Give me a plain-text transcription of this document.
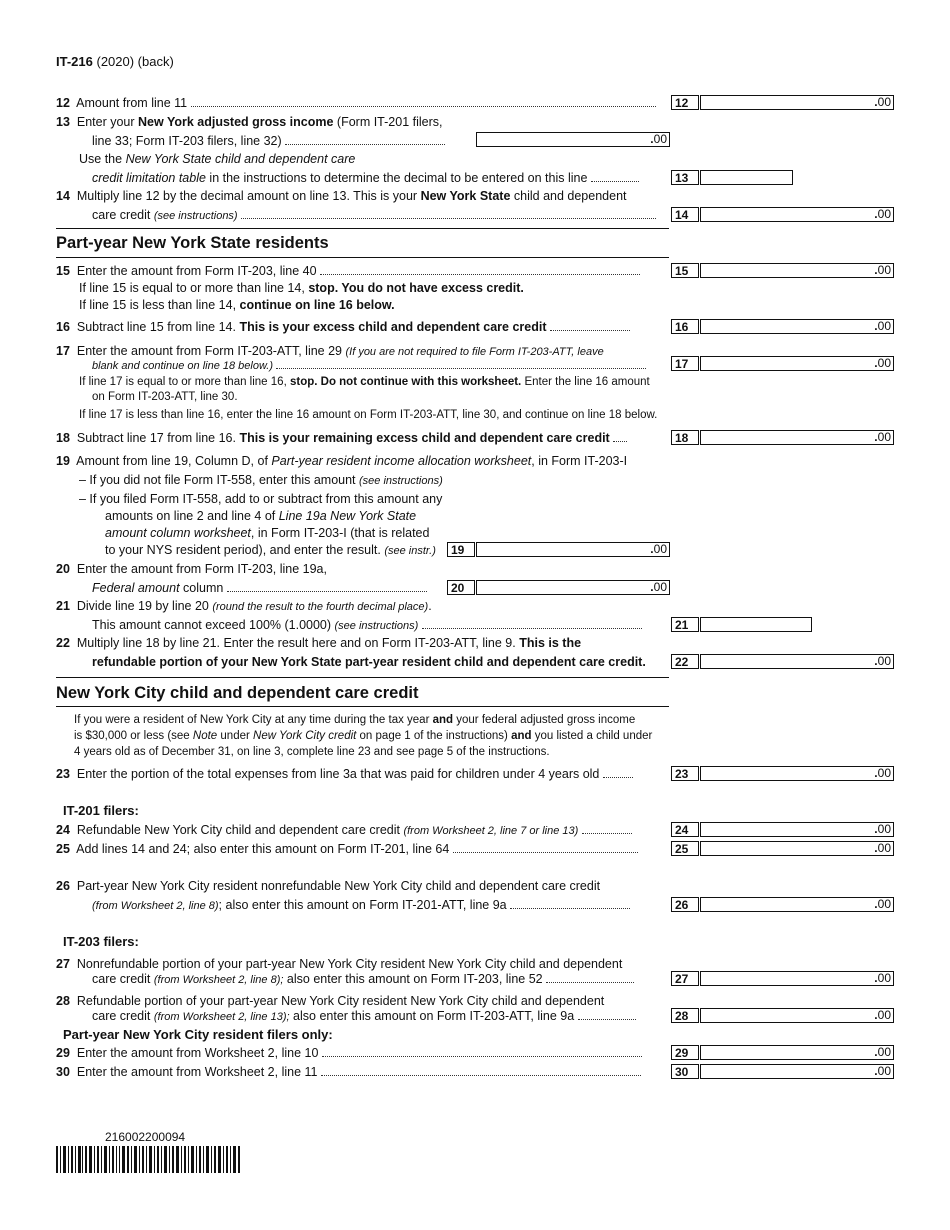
IT-216 (2020) (back)
12 Amount from line 11	12	.00
13 Enter your New York adjusted gross income (Form IT-201 filers,
line 33; Form IT-203 filers, line 32)	.00
Use the New York State child and dependent care
credit limitation table in the instructions to determine the decimal to be entered on this line	13
14 Multiply line 12 by the decimal amount on line 13. This is your New York State child and dependent
care credit (see instructions)	14	.00
Part-year New York State residents
15 Enter the amount from Form IT-203, line 40	15	.00
If line 15 is equal to or more than line 14, stop. You do not have excess credit.
If line 15 is less than line 14, continue on line 16 below.
16 Subtract line 15 from line 14. This is your excess child and dependent care credit	16	.00
17 Enter the amount from Form IT-203-ATT, line 29 (If you are not required to file Form IT-203-ATT, leave
blank and continue on line 18 below.)	17	.00
If line 17 is equal to or more than line 16, stop. Do not continue with this worksheet. Enter the line 16 amount
on Form IT-203-ATT, line 30.
If line 17 is less than line 16, enter the line 16 amount on Form IT-203-ATT, line 30, and continue on line 18 below.
18 Subtract line 17 from line 16. This is your remaining excess child and dependent care credit	18	.00
19 Amount from line 19, Column D, of Part-year resident income allocation worksheet, in Form IT-203-I
– If you did not file Form IT-558, enter this amount (see instructions)
– If you filed Form IT-558, add to or subtract from this amount any
amounts on line 2 and line 4 of Line 19a New York State
amount column worksheet, in Form IT-203-I (that is related
to your NYS resident period), and enter the result. (see instr.)	19	.00
20 Enter the amount from Form IT-203, line 19a,
Federal amount column	20	.00
21 Divide line 19 by line 20 (round the result to the fourth decimal place).
This amount cannot exceed 100% (1.0000) (see instructions)	21
22 Multiply line 18 by line 21. Enter the result here and on Form IT-203-ATT, line 9. This is the
refundable portion of your New York State part-year resident child and dependent care credit.	22	.00
New York City child and dependent care credit
If you were a resident of New York City at any time during the tax year and your federal adjusted gross income
is $30,000 or less (see Note under New York City credit on page 1 of the instructions) and you listed a child under
4 years old as of December 31, on line 3, complete line 23 and see page 5 of the instructions.
23 Enter the portion of the total expenses from line 3a that was paid for children under 4 years old	23	.00
IT-201 filers:
24 Refundable New York City child and dependent care credit (from Worksheet 2, line 7 or line 13)	24	.00
25 Add lines 14 and 24; also enter this amount on Form IT-201, line 64	25	.00
26 Part-year New York City resident nonrefundable New York City child and dependent care credit
(from Worksheet 2, line 8); also enter this amount on Form IT-201-ATT, line 9a	26	.00
IT-203 filers:
27 Nonrefundable portion of your part-year New York City resident New York City child and dependent
care credit (from Worksheet 2, line 8); also enter this amount on Form IT-203, line 52	27	.00
28 Refundable portion of your part-year New York City resident New York City child and dependent
care credit (from Worksheet 2, line 13); also enter this amount on Form IT-203-ATT, line 9a	28	.00
Part-year New York City resident filers only:
29 Enter the amount from Worksheet 2, line 10	29	.00
30 Enter the amount from Worksheet 2, line 11	30	.00
216002200094
